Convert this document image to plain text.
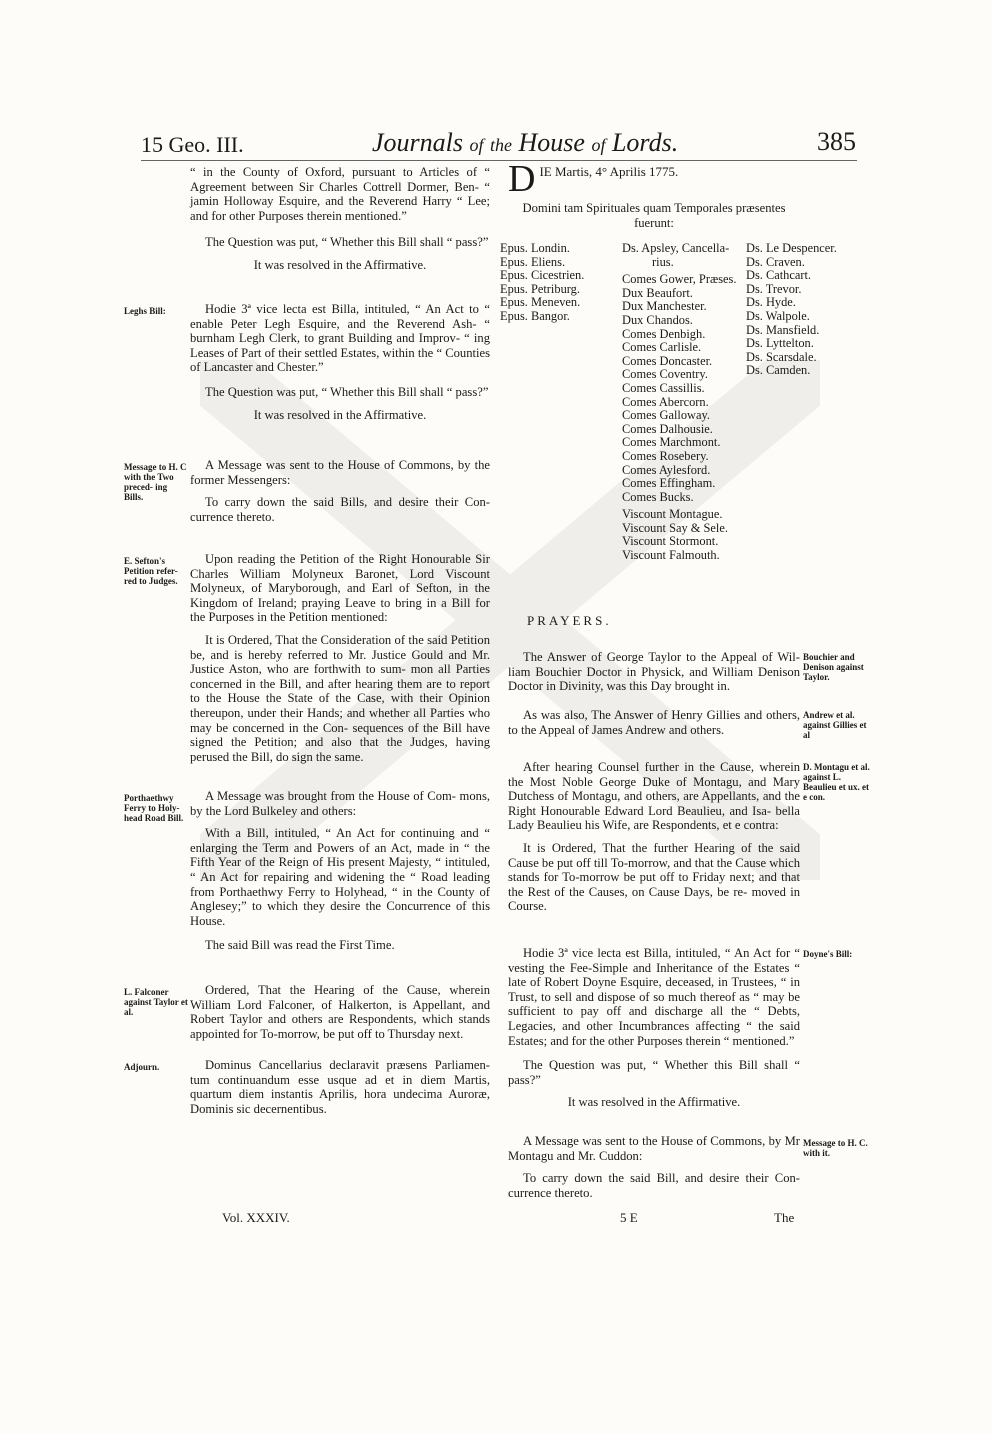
15 Geo. III.	Journals of the House of Lords.	385

“ in the County of Oxford, pursuant to Articles of “ Agreement between Sir Charles Cottrell Dormer, Ben- “ jamin Holloway Esquire, and the Reverend Harry “ Lee; and for other Purposes therein mentioned.”

The Question was put, “ Whether this Bill shall “ pass?”

It was resolved in the Affirmative.

Leghs Bill:	Hodie 3ª vice lecta est Billa, intituled, “ An Act to “ enable Peter Legh Esquire, and the Reverend Ash- “ burnham Legh Clerk, to grant Building and Improv- “ ing Leases of Part of their settled Estates, within the “ Counties of Lancaster and Chester.”

The Question was put, “ Whether this Bill shall “ pass?”

It was resolved in the Affirmative.

Message to H. C with the Two preced- ing Bills.

A Message was sent to the House of Commons, by the former Messengers:

To carry down the said Bills, and desire their Con- currence thereto.

E. Sefton's Petition refer- red to Judges.

Upon reading the Petition of the Right Honourable Sir Charles William Molyneux Baronet, Lord Viscount Molyneux, of Maryborough, and Earl of Sefton, in the Kingdom of Ireland; praying Leave to bring in a Bill for the Purposes in the Petition mentioned:

It is Ordered, That the Consideration of the said Petition be, and is hereby referred to Mr. Justice Gould and Mr. Justice Aston, who are forthwith to sum- mon all Parties concerned in the Bill, and after hearing them are to report to the House the State of the Case, with their Opinion thereupon, under their Hands; and whether all Parties who may be concerned in the Con- sequences of the Bill have signed the Petition; and also that the Judges, having perused the Bill, do sign the same.

Porthaethwy Ferry to Holy- head Road Bill.

A Message was brought from the House of Com- mons, by the Lord Bulkeley and others:

With a Bill, intituled, “ An Act for continuing and “ enlarging the Term and Powers of an Act, made in “ the Fifth Year of the Reign of His present Majesty, “ intituled, “ An Act for repairing and widening the “ Road leading from Porthaethwy Ferry to Holyhead, “ in the County of Anglesey;” to which they desire the Concurrence of this House.

The said Bill was read the First Time.

L. Falconer against Taylor et al.

Ordered, That the Hearing of the Cause, wherein William Lord Falconer, of Halkerton, is Appellant, and Robert Taylor and others are Respondents, which stands appointed for To-morrow, be put off to Thursday next.

Adjourn.	Dominus Cancellarius declaravit præsens Parliamen- tum continuandum esse usque ad et in diem Martis, quartum diem instantis Aprilis, hora undecima Auroræ, Dominis sic decernentibus.

D IE Martis, 4° Aprilis 1775.
Domini tam Spirituales quam Temporales præsentes fuerunt:
Epus. Londin.
Epus. Eliens.
Epus. Cicestrien.
Epus. Petriburg.
Epus. Meneven.
Epus. Bangor.
Ds. Apsley, Cancella-
rius.
Comes Gower, Præses.
Dux Beaufort.
Dux Manchester.
Dux Chandos.
Comes Denbigh.
Comes Carlisle.
Comes Doncaster.
Comes Coventry.
Comes Cassillis.
Comes Abercorn.
Comes Galloway.
Comes Dalhousie.
Comes Marchmont.
Comes Rosebery.
Comes Aylesford.
Comes Effingham.
Comes Bucks.
Viscount Montague.
Viscount Say & Sele.
Viscount Stormont.
Viscount Falmouth.
Ds. Le Despencer.
Ds. Craven.
Ds. Cathcart.
Ds. Trevor.
Ds. Hyde.
Ds. Walpole.
Ds. Mansfield.
Ds. Lyttelton.
Ds. Scarsdale.
Ds. Camden.
PRAYERS.

The Answer of George Taylor to the Appeal of Wil- liam Bouchier Doctor in Physick, and William Denison Doctor in Divinity, was this Day brought in.

Bouchier and Denison against Taylor.

As was also, The Answer of Henry Gillies and others, to the Appeal of James Andrew and others.

Andrew et al. against Gillies et al

After hearing Counsel further in the Cause, wherein the Most Noble George Duke of Montagu, and Mary Dutchess of Montagu, and others, are Appellants, and the Right Honourable Edward Lord Beaulieu, and Isa- bella Lady Beaulieu his Wife, are Respondents, et e contra:

It is Ordered, That the further Hearing of the said Cause be put off till To-morrow, and that the Cause which stands for To-morrow be put off to Friday next; and that the Rest of the Causes, on Cause Days, be re- moved in Course.

D. Montagu et al. against L. Beaulieu et ux. et e con.

Hodie 3ª vice lecta est Billa, intituled, “ An Act for “ vesting the Fee-Simple and Inheritance of the Estates “ late of Robert Doyne Esquire, deceased, in Trustees, “ in Trust, to sell and dispose of so much thereof as “ may be sufficient to pay off and discharge all the “ Debts, Legacies, and other Incumbrances affecting “ the said Estates; and for the other Purposes therein “ mentioned.”

The Question was put, “ Whether this Bill shall “ pass?”

It was resolved in the Affirmative.

Doyne's Bill:

A Message was sent to the House of Commons, by Mr Montagu and Mr. Cuddon:

To carry down the said Bill, and desire their Con- currence thereto.

Message to H. C. with it.
Vol. XXXIV.	5 E	The
